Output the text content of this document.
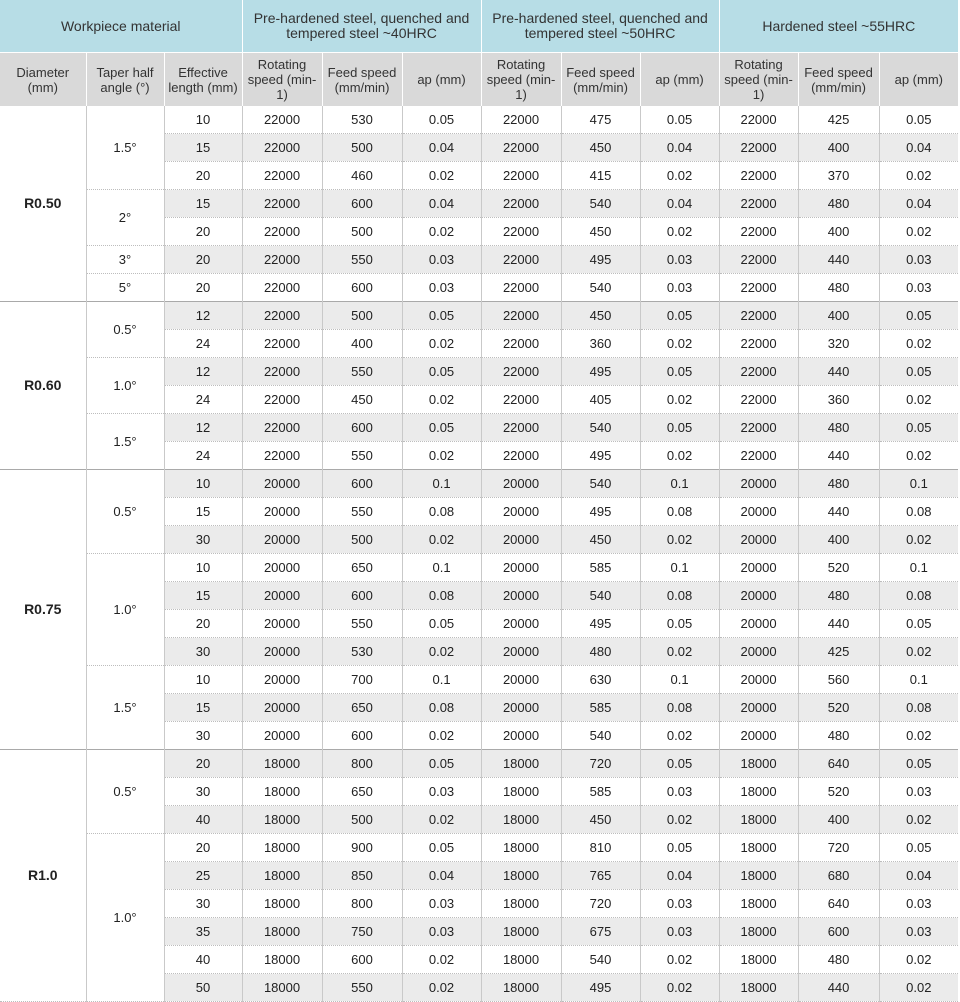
Workpiece material			Pre-hardened steel, quenched and tempered steel ~40HRC			Pre-hardened steel, quenched and tempered steel ~50HRC			Hardened steel ~55HRC		
Diameter (mm)	Taper half angle (°)	Effective length (mm)	Rotating speed (min-1)	Feed speed (mm/min)	ap (mm)	Rotating speed (min-1)	Feed speed (mm/min)	ap (mm)	Rotating speed (min-1)	Feed speed (mm/min)	ap (mm)
R0.50	1.5°	10	22000	530	0.05	22000	475	0.05	22000	425	0.05
		15	22000	500	0.04	22000	450	0.04	22000	400	0.04
		20	22000	460	0.02	22000	415	0.02	22000	370	0.02
	2°	15	22000	600	0.04	22000	540	0.04	22000	480	0.04
		20	22000	500	0.02	22000	450	0.02	22000	400	0.02
	3°	20	22000	550	0.03	22000	495	0.03	22000	440	0.03
	5°	20	22000	600	0.03	22000	540	0.03	22000	480	0.03
R0.60	0.5°	12	22000	500	0.05	22000	450	0.05	22000	400	0.05
		24	22000	400	0.02	22000	360	0.02	22000	320	0.02
	1.0°	12	22000	550	0.05	22000	495	0.05	22000	440	0.05
		24	22000	450	0.02	22000	405	0.02	22000	360	0.02
	1.5°	12	22000	600	0.05	22000	540	0.05	22000	480	0.05
		24	22000	550	0.02	22000	495	0.02	22000	440	0.02
R0.75	0.5°	10	20000	600	0.1	20000	540	0.1	20000	480	0.1
		15	20000	550	0.08	20000	495	0.08	20000	440	0.08
		30	20000	500	0.02	20000	450	0.02	20000	400	0.02
	1.0°	10	20000	650	0.1	20000	585	0.1	20000	520	0.1
		15	20000	600	0.08	20000	540	0.08	20000	480	0.08
		20	20000	550	0.05	20000	495	0.05	20000	440	0.05
		30	20000	530	0.02	20000	480	0.02	20000	425	0.02
	1.5°	10	20000	700	0.1	20000	630	0.1	20000	560	0.1
		15	20000	650	0.08	20000	585	0.08	20000	520	0.08
		30	20000	600	0.02	20000	540	0.02	20000	480	0.02
R1.0	0.5°	20	18000	800	0.05	18000	720	0.05	18000	640	0.05
		30	18000	650	0.03	18000	585	0.03	18000	520	0.03
		40	18000	500	0.02	18000	450	0.02	18000	400	0.02
	1.0°	20	18000	900	0.05	18000	810	0.05	18000	720	0.05
		25	18000	850	0.04	18000	765	0.04	18000	680	0.04
		30	18000	800	0.03	18000	720	0.03	18000	640	0.03
		35	18000	750	0.03	18000	675	0.03	18000	600	0.03
		40	18000	600	0.02	18000	540	0.02	18000	480	0.02
		50	18000	550	0.02	18000	495	0.02	18000	440	0.02
